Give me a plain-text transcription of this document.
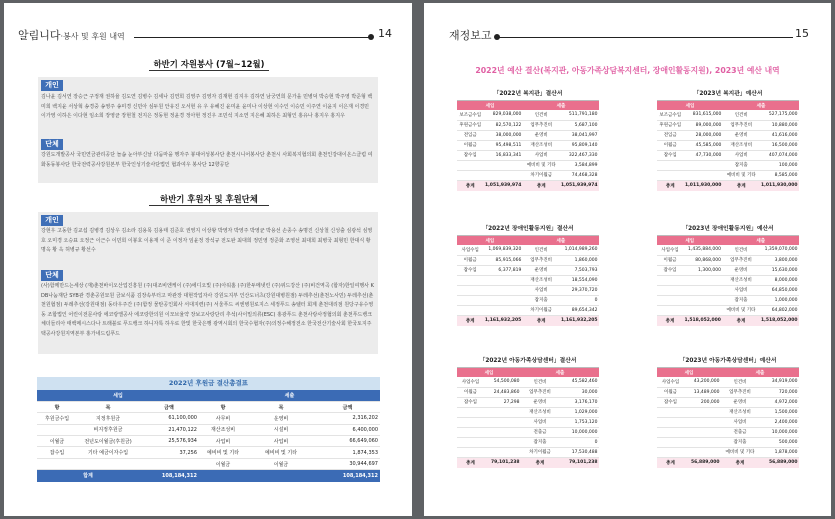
알림니다·봉사 및 후원 내역	14
하반기 자원봉사 (7월~12월)
개인
김나윤 김서연 장승근 구정재 권하율 김도연 김병수 김세나 김연희 김영주 김영자 김재현 김지우 김하연 남궁연희 문가을 민병덕 박승현 박주영 박준형 백미희 백지윤 서상혁 송경중 송영주 송미경 신민아 심두원 안유진 오서현 유 우 유혜진 윤미윤 윤미나 이상현 이수인 이승민 이주연 이윤지 이은재 이경민 이가영 이하은 이다현 임소희 장영균 장현철 전지은 정동현 정윤경 정아현 정진우 조민석 지소연 지은혜 최하은 최형인 홍유나 홍지우 홍지우
단체
강원도개발공사 국민연금관리공단 놀솜 눈아부신날 다둠마을 행자주 봉대어성봉사단 춘천시니어봉사단 춘천시 사회복지협의회 춘천인강대이온스클럽 여화동동봉사단 한국전력공사강원본부 한국인성기술사단법인 협과여우 봉사단 12향공단
하반기 후원자 및 후원단체
개인
강현우 고동한 김교섭 김병경 김상우 김소라 김용목 김용태 김준호 권영지 이상왕 박영자 박영주 박영균 박용선 손종수 송명진 신상철 신성출 심광석 심영호 오미경 오승표 오정근 이근수 이민희 이봉호 이용재 이 준 이정자 임윤정 장석규 전도완 최대희 정민영 정준화 조영선 최대희 최병국 최형민 한대식 황명옥 황 옥 허병규 황선수
단체
(사)함께만드는세상 (재)춘천바이오산업진흥원 (주)대조비엔케이 (주)에디오빛 (주)아워홈 (주)한두메넷린 (주)위드강산 (주)비건역곡 (합자)한일여행사 KDB나눔재단 SYB관 경춘공원묘원 금보식품 김장속부터고 마관장 대현작업자사 강원도지부 인산도너츠(강원대병원점) 두레추선(춘천노사민) 두레추선(춘천원협점) 두레추선(강원대점) 동타우주간 (주)함정 물탄공인회사 서대지련(주) 서울푸드 씨엔병원로지스 세정푸드 송텔터 회계 춘천대리점 원당구유수영동 조합법인 어린이전문사랑 에코랑앨공사 에코랑한의원 이모브율약 장보고사랑단리 추석(사이밀의류(ESC) 홍광푸드 춘천사랑사정협의회 춘천푸드뱅크 체더들리아 태백메시스다나 트래블로 푸드뱅크 하니자톡 하우로 한빛 한국은행 광역시회의 한국수협자(주)의정수해정전소 한국전산기술사회 한국토지주택공사강원지역본부 홍가네드림푸드
2022년 후원금 결산총결표
세입			세출		
항	목	금액	항	목	금액
후원금수입	지정후원금	61,100,000	사무비	운영비	2,316,202
	비지정후원금	21,470,122	재산조성비	시설비	6,400,000
이월금	전년도이월금(후원금)	25,576,934	사업비	사업비	66,649,060
잡수입	기타 예금이자수입	37,256	예비비 및 기타	예비비 및 기타	1,874,353
			이월금	이월금	30,944,697
합계		108,184,312			108,184,312
재정보고	15
2022년 예산 결산(복지관, 아동가족상담복지센터, 장애인활동지원), 2023년 예산 내역
「2022년 복지관」결산서
세입		세출	
보조금수입	829,038,000	인건비	511,791,180
후원금수입	82,570,122	업무추진비	5,687,100
전입금	38,000,000	운영비	38,041,997
이월금	95,498,511	재산조성비	95,809,140
잡수입	16,833,341	사업비	322,467,330
		예비비 및 기타	3,584,899
		차기이월금	74,468,328
총계	1,051,939,974	총계	1,051,939,974
「2023년 복지관」예산서
세입		세출	
보조금수입	831,615,000	인건비	527,175,000
후원금수입	89,000,000	업무추진비	10,880,000
전입금	28,000,000	운영비	41,616,000
이월금	45,585,000	재산조성비	16,500,000
잡수입	47,730,000	사업비	407,074,000
		잡지출	100,000
		예비비 및 기타	8,585,000
총계	1,011,930,000	총계	1,011,930,000
「2022년 장애인활동지원」결산서
세입		세출	
사업수입	1,069,839,320	인건비	1,014,989,260
이월금	85,915,066	업무추진비	1,860,000
잡수입	6,377,819	운영비	7,503,793
		재산조성비	18,554,090
		사업비	29,370,720
		잡지출	0
		차기이월금	89,654,342
총계	1,161,932,205	총계	1,161,932,205
「2023년 장애인활동지원」예산서
세입		세출	
사업수입	1,435,884,000	인건비	1,359,070,000
이월금	80,868,000	업무추진비	3,800,000
잡수입	1,300,000	운영비	15,630,000
		재산조성비	8,000,000
		사업비	64,850,000
		잡지출	1,000,000
		예비비 및 기타	64,802,000
총계	1,518,052,000	총계	1,518,052,000
「2022년 아동가족상담센터」결산서
세입		세출	
사업수입	54,500,080	인건비	45,582,460
이월금	24,483,860	업무추진비	30,000
잡수입	27,298	운영비	3,176,170
		재산조성비	1,029,000
		사업비	1,753,120
		전출금	10,000,000
		잡지출	0
		차기이월금	17,530,488
총계	79,101,238	총계	79,101,238
「2023년 아동가족상담센터」예산서
세입		세출	
사업수입	43,200,000	인건비	34,919,000
이월금	13,489,000	업무추진비	720,000
잡수입	200,000	운영비	4,972,000
		재산조성비	1,500,000
		사업비	2,400,000
		전출금	10,000,000
		잡지출	500,000
		예비비 및 기타	1,878,000
총계	56,889,000	총계	56,889,000
